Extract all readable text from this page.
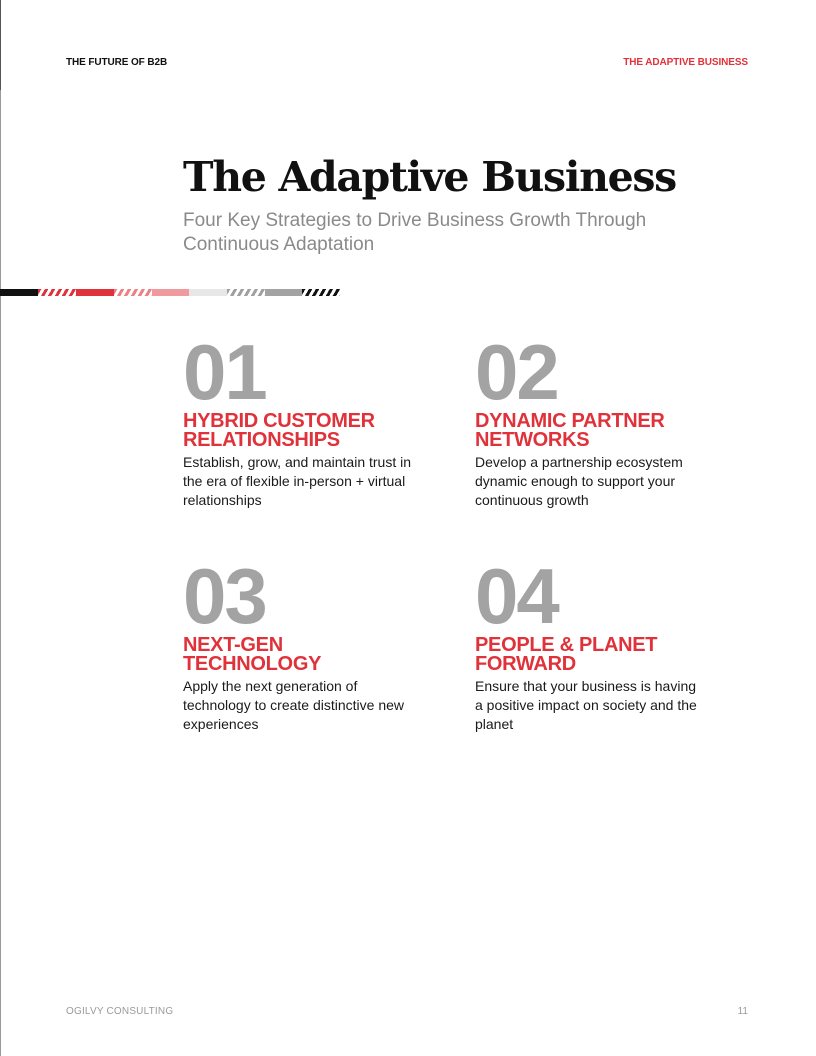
THE FUTURE OF B2B	THE ADAPTIVE BUSINESS
The Adaptive Business
Four Key Strategies to Drive Business Growth Through Continuous Adaptation
01
HYBRID CUSTOMER RELATIONSHIPS
Establish, grow, and maintain trust in the era of flexible in-person + virtual relationships
02
DYNAMIC PARTNER NETWORKS
Develop a partnership ecosystem dynamic enough to support your continuous growth
03
NEXT-GEN TECHNOLOGY
Apply the next generation of technology to create distinctive new experiences
04
PEOPLE & PLANET FORWARD
Ensure that your business is having a positive impact on society and the planet
OGILVY CONSULTING	11
